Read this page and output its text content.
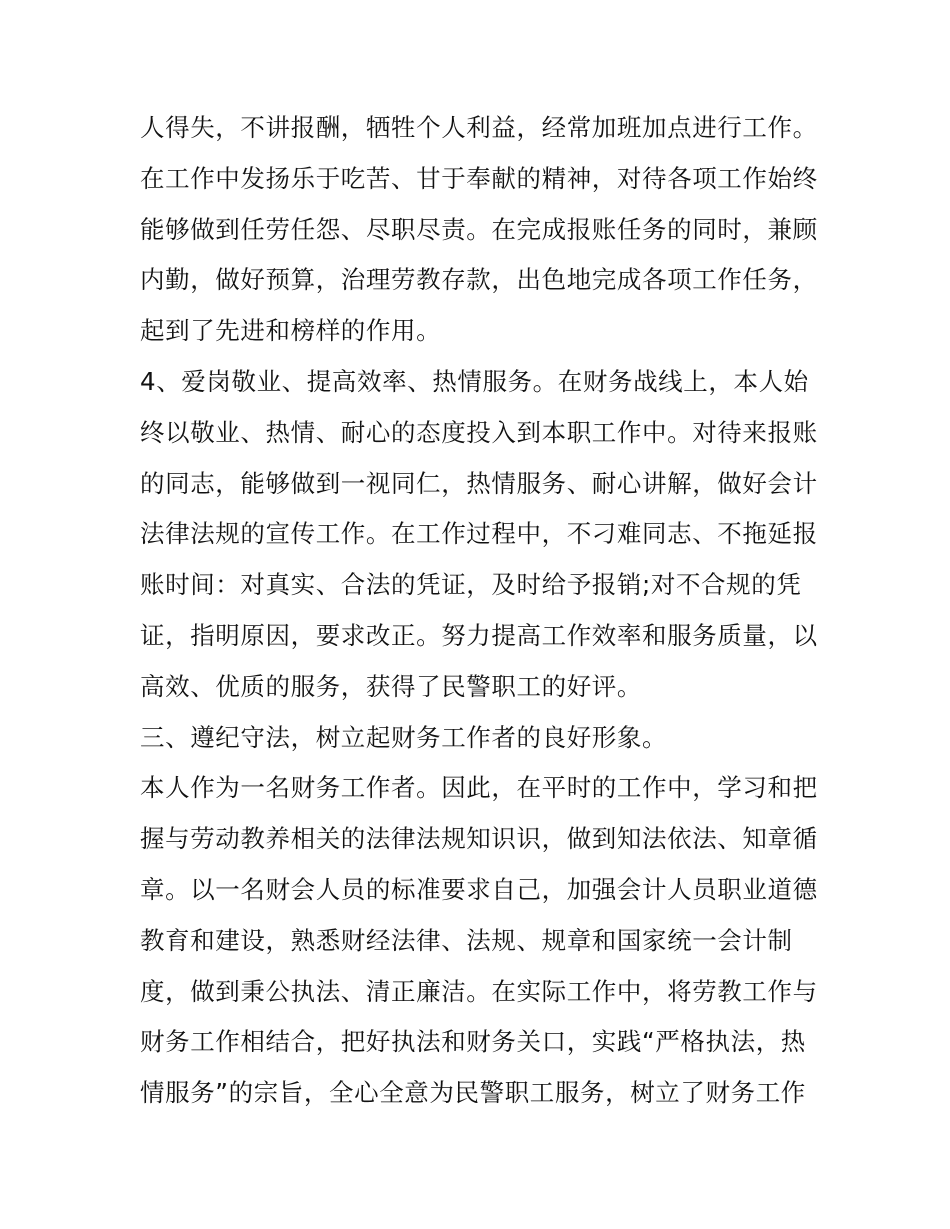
人得失，不讲报酬，牺牲个人利益，经常加班加点进行工作。
在工作中发扬乐于吃苦、甘于奉献的精神，对待各项工作始终
能够做到任劳任怨、尽职尽责。在完成报账任务的同时，兼顾
内勤，做好预算，治理劳教存款，出色地完成各项工作任务，
起到了先进和榜样的作用。
4、爱岗敬业、提高效率、热情服务。在财务战线上，本人始
终以敬业、热情、耐心的态度投入到本职工作中。对待来报账
的同志，能够做到一视同仁，热情服务、耐心讲解，做好会计
法律法规的宣传工作。在工作过程中，不刁难同志、不拖延报
账时间：对真实、合法的凭证，及时给予报销;对不合规的凭
证，指明原因，要求改正。努力提高工作效率和服务质量，以
高效、优质的服务，获得了民警职工的好评。
三、遵纪守法，树立起财务工作者的良好形象。
本人作为一名财务工作者。因此，在平时的工作中，学习和把
握与劳动教养相关的法律法规知识识，做到知法依法、知章循
章。以一名财会人员的标准要求自己，加强会计人员职业道德
教育和建设，熟悉财经法律、法规、规章和国家统一会计制
度，做到秉公执法、清正廉洁。在实际工作中，将劳教工作与
财务工作相结合，把好执法和财务关口，实践“严格执法，热
情服务”的宗旨，全心全意为民警职工服务，树立了财务工作
